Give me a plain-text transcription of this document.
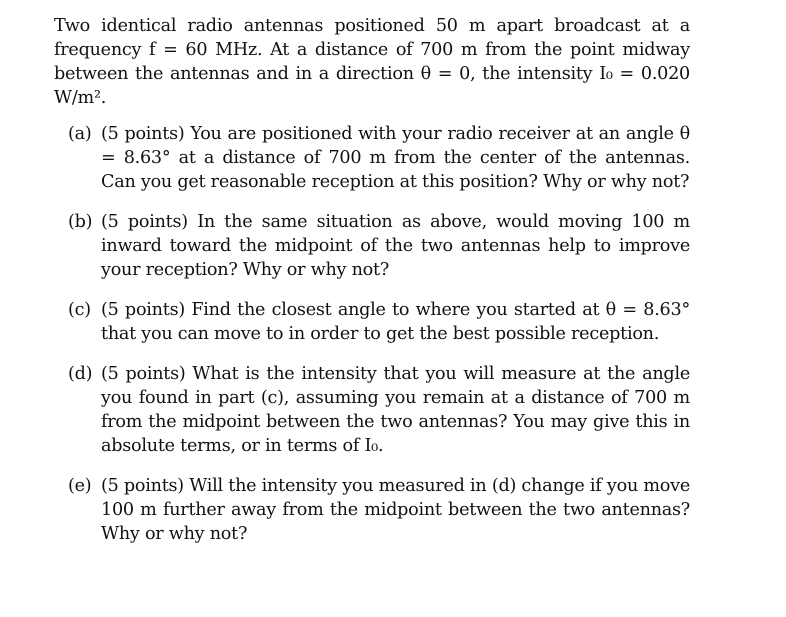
Two identical radio antennas positioned 50 m apart broadcast at a frequency f = 60 MHz. At a distance of 700 m from the point midway between the antennas and in a direction θ = 0, the intensity I₀ = 0.020 W/m².

(a) (5 points) You are positioned with your radio receiver at an angle θ = 8.63° at a distance of 700 m from the center of the antennas. Can you get reasonable reception at this position? Why or why not?
(b) (5 points) In the same situation as above, would moving 100 m inward toward the midpoint of the two antennas help to improve your reception? Why or why not?
(c) (5 points) Find the closest angle to where you started at θ = 8.63° that you can move to in order to get the best possible reception.
(d) (5 points) What is the intensity that you will measure at the angle you found in part (c), assuming you remain at a distance of 700 m from the midpoint between the two antennas? You may give this in absolute terms, or in terms of I₀.
(e) (5 points) Will the intensity you measured in (d) change if you move 100 m further away from the midpoint between the two antennas? Why or why not?
